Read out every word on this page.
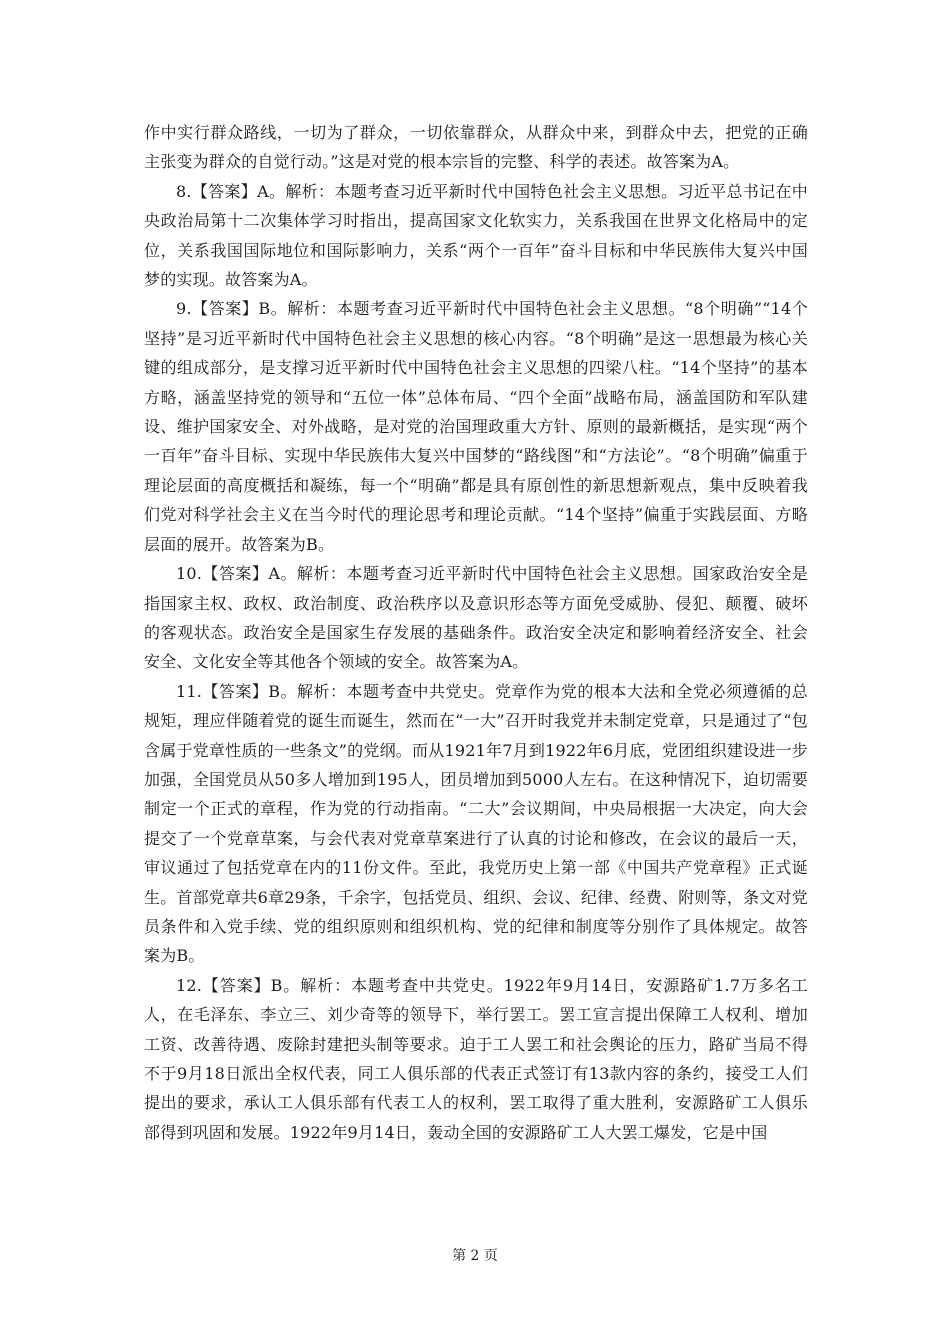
作中实行群众路线，一切为了群众，一切依靠群众，从群众中来，到群众中去，把党的正确主张变为群众的自觉行动。”这是对党的根本宗旨的完整、科学的表述。故答案为A。

8.【答案】A。解析：本题考查习近平新时代中国特色社会主义思想。习近平总书记在中央政治局第十二次集体学习时指出，提高国家文化软实力，关系我国在世界文化格局中的定位，关系我国国际地位和国际影响力，关系“两个一百年”奋斗目标和中华民族伟大复兴中国梦的实现。故答案为A。

9.【答案】B。解析：本题考查习近平新时代中国特色社会主义思想。“8个明确”“14个坚持”是习近平新时代中国特色社会主义思想的核心内容。“8个明确”是这一思想最为核心关键的组成部分，是支撑习近平新时代中国特色社会主义思想的四梁八柱。“14个坚持”的基本方略，涵盖坚持党的领导和“五位一体”总体布局、“四个全面”战略布局，涵盖国防和军队建设、维护国家安全、对外战略，是对党的治国理政重大方针、原则的最新概括，是实现“两个一百年”奋斗目标、实现中华民族伟大复兴中国梦的“路线图”和“方法论”。“8个明确”偏重于理论层面的高度概括和凝练，每一个“明确”都是具有原创性的新思想新观点，集中反映着我们党对科学社会主义在当今时代的理论思考和理论贡献。“14个坚持”偏重于实践层面、方略层面的展开。故答案为B。

10.【答案】A。解析：本题考查习近平新时代中国特色社会主义思想。国家政治安全是指国家主权、政权、政治制度、政治秩序以及意识形态等方面免受威胁、侵犯、颠覆、破坏的客观状态。政治安全是国家生存发展的基础条件。政治安全决定和影响着经济安全、社会安全、文化安全等其他各个领域的安全。故答案为A。

11.【答案】B。解析：本题考查中共党史。党章作为党的根本大法和全党必须遵循的总规矩，理应伴随着党的诞生而诞生，然而在“一大”召开时我党并未制定党章，只是通过了“包含属于党章性质的一些条文”的党纲。而从1921年7月到1922年6月底，党团组织建设进一步加强，全国党员从50多人增加到195人，团员增加到5000人左右。在这种情况下，迫切需要制定一个正式的章程，作为党的行动指南。“二大”会议期间，中央局根据一大决定，向大会提交了一个党章草案，与会代表对党章草案进行了认真的讨论和修改，在会议的最后一天，审议通过了包括党章在内的11份文件。至此，我党历史上第一部《中国共产党章程》正式诞生。首部党章共6章29条，千余字，包括党员、组织、会议、纪律、经费、附则等，条文对党员条件和入党手续、党的组织原则和组织机构、党的纪律和制度等分别作了具体规定。故答案为B。

12.【答案】B。解析：本题考查中共党史。1922年9月14日，安源路矿1.7万多名工人，在毛泽东、李立三、刘少奇等的领导下，举行罢工。罢工宣言提出保障工人权利、增加工资、改善待遇、废除封建把头制等要求。迫于工人罢工和社会舆论的压力，路矿当局不得不于9月18日派出全权代表，同工人俱乐部的代表正式签订有13款内容的条约，接受工人们提出的要求，承认工人俱乐部有代表工人的权利，罢工取得了重大胜利，安源路矿工人俱乐部得到巩固和发展。1922年9月14日，轰动全国的安源路矿工人大罢工爆发，它是中国

第 2 页
